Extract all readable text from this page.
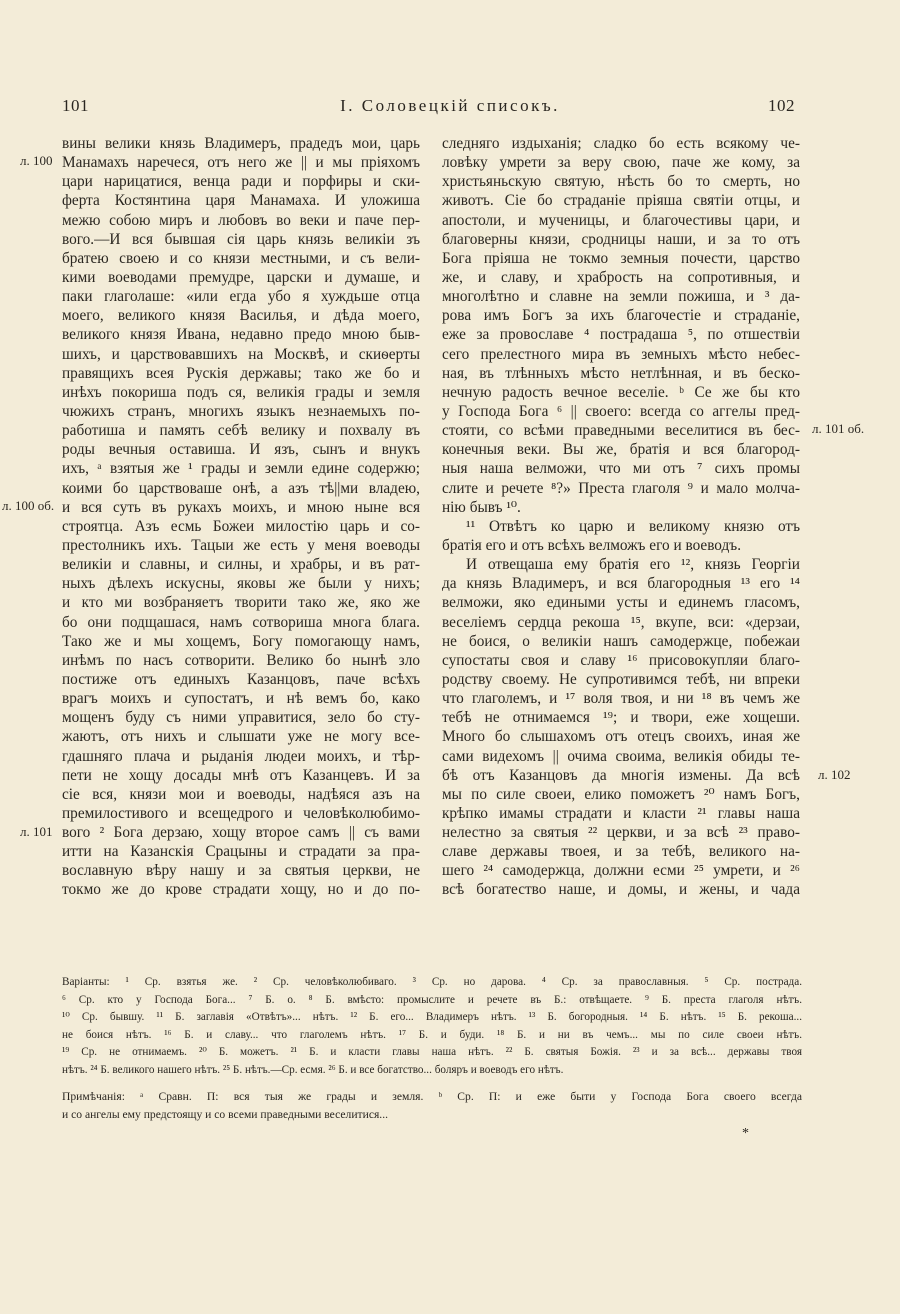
101	I. Соловецкiй списокъ.	102
вины велики князь Владимеръ, прадедъ мои, царь
Манамахъ наречеся, отъ него же || и мы пріяхомъ
цари нарицатися, венца ради и порфиры и ски-
ферта Костянтина царя Манамаха. И уложиша
межю собою миръ и любовъ во веки и паче пер-
вого.—И вся бывшая сія царь князь великіи зъ
братею своею и со князи местными, и съ вели-
кими воеводами премудре, царски и думаше, и
паки глаголаше: «или егда убо я хуждьше отца
моего, великого князя Василья, и дѣда моего,
великого князя Ивана, недавно предо мною быв-
шихъ, и царствовавшихъ на Москвѣ, и скиѳерты
правящихъ всея Рускія державы; тако же бо и
инѣхъ покориша подъ ся, великія грады и земля
чюжихъ странъ, многихъ языкъ незнаемыхъ по-
работиша и память себѣ велику и похвалу въ
роды вечныя оставиша. И язъ, сынъ и внукъ
ихъ, ᵃ взятыя же ¹ грады и земли едине содержю;
коими бо царствоваше онѣ, а азъ тѣ||ми владею,
и вся суть въ рукахъ моихъ, и мною ныне вся
строятца. Азъ есмь Божеи милостію царь и со-
престолникъ ихъ. Тацыи же есть у меня воеводы
великіи и славны, и силны, и храбры, и въ рат-
ныхъ дѣлехъ искусны, яковы же были у нихъ;
и кто ми возбраняетъ творити тако же, яко же
бо они подщашася, намъ сотвориша многа блага.
Тако же и мы хощемъ, Богу помогающу намъ,
инѣмъ по насъ сотворити. Велико бо нынѣ зло
постиже отъ единыхъ Казанцовъ, паче всѣхъ
врагъ моихъ и супостатъ, и нѣ вемъ бо, како
мощенъ буду съ ними управитися, зело бо сту-
жаютъ, отъ нихъ и слышати уже не могу все-
гдашняго плача и рыданія людеи моихъ, и тѣр-
пети не хощу досады мнѣ отъ Казанцевъ. И за
сіе вся, князи мои и воеводы, надѣяся азъ на
премилостивого и всещедрого и человѣколюбимо-
вого ² Бога дерзаю, хощу второе самъ || съ вами
итти на Казанскія Срацыны и страдати за пра-
вославную вѣру нашу и за святыя церкви, не
токмо же до крове страдати хощу, но и до по-
следняго издыханія; сладко бо есть всякому че-
ловѣку умрети за веру свою, паче же кому, за
христьяньскую святую, нѣсть бо то смерть, но
животъ. Сіе бо страданіе пріяша святіи отцы, и
апостоли, и мученицы, и благочестивы цари, и
благоверны князи, сродницы наши, и за то отъ
Бога пріяша не токмо земныя почести, царство
же, и славу, и храбрость на сопротивныя, и
многолѣтно и славне на земли пожиша, и ³ да-
рова имъ Богъ за ихъ благочестіе и страданіе,
еже за провославе ⁴ пострадаша ⁵, по отшествіи
сего прелестного мира въ земныхъ мѣсто небес-
ная, въ тлѣнныхъ мѣсто нетлѣнная, и въ беско-
нечную радость вечное веселіе. ᵇ Се же бы кто
у Господа Бога ⁶ || своего: всегда со аггелы пред-
стояти, со всѣми праведными веселитися въ бес-
конечныя веки. Вы же, братія и вся благород-
ныя наша велможи, что ми отъ ⁷ сихъ промы
слите и речете ⁸?» Преста глаголя ⁹ и мало молча-
нію бывъ ¹⁰.
¹¹ Отвѣтъ ко царю и великому князю отъ
братія его и отъ всѣхъ велможъ его и воеводъ.
И отвещаша ему братія его ¹², князь Георгіи
да князь Владимеръ, и вся благородныя ¹³ его ¹⁴
велможи, яко едиными усты и единемъ гласомъ,
веселіемъ сердца рекоша ¹⁵, вкупе, вси: «дерзаи,
не боися, о великіи нашъ самодержце, побежаи
супостаты своя и славу ¹⁶ присовокупляи благо-
родству своему. Не супротивимся тебѣ, ни впреки
что глаголемъ, и ¹⁷ воля твоя, и ни ¹⁸ въ чемъ же
тебѣ не отнимаемся ¹⁹; и твори, еже хощеши.
Много бо слышахомъ отъ отецъ своихъ, иная же
сами видехомъ || очима своима, великія обиды те-
бѣ отъ Казанцовъ да многія измены. Да всѣ
мы по силе своеи, елико поможетъ ²⁰ намъ Богъ,
крѣпко имамы страдати и класти ²¹ главы наша
нелестно за святыя ²² церкви, и за всѣ ²³ право-
славе державы твоея, и за тебѣ, великого на-
шего ²⁴ самодержца, должни есми ²⁵ умрети, и ²⁶
всѣ богатество наше, и домы, и жены, и чада
л. 100
л. 100 об.
л. 101
л. 101 об.
л. 102
Варіанты: ¹ Ср. взятья же. ² Ср. человѣколюбиваго. ³ Ср. но дарова. ⁴ Ср. за православныя. ⁵ Ср. пострада.
⁶ Ср. кто у Господа Бога... ⁷ Б. о. ⁸ Б. вмѣсто: промыслите и речете въ Б.: отвѣщаете. ⁹ Б. преста глаголя нѣтъ.
¹⁰ Ср. бывшу. ¹¹ Б. заглавія «Отвѣтъ»... нѣтъ. ¹² Б. его... Владимеръ нѣтъ. ¹³ Б. богородныя. ¹⁴ Б. нѣтъ. ¹⁵ Б. рекоша...
не боися нѣтъ. ¹⁶ Б. и славу... что глаголемъ нѣтъ. ¹⁷ Б. и буди. ¹⁸ Б. и ни въ чемъ... мы по силе своеи нѣтъ.
¹⁹ Ср. не отнимаемъ. ²⁰ Б. можетъ. ²¹ Б. и класти главы наша нѣтъ. ²² Б. святыя Божія. ²³ и за всѣ... державы твоя
нѣтъ. ²⁴ Б. великого нашего нѣтъ. ²⁵ Б. нѣтъ.—Ср. есмя. ²⁶ Б. и все богатство... боляръ и воеводъ его нѣтъ.
Примѣчанія: ᵃ Сравн. П: вся тыя же грады и земля. ᵇ Ср. П: и еже быти у Господа Бога своего всегда
и со ангелы ему предстоящу и со всеми праведными веселитися...
*
